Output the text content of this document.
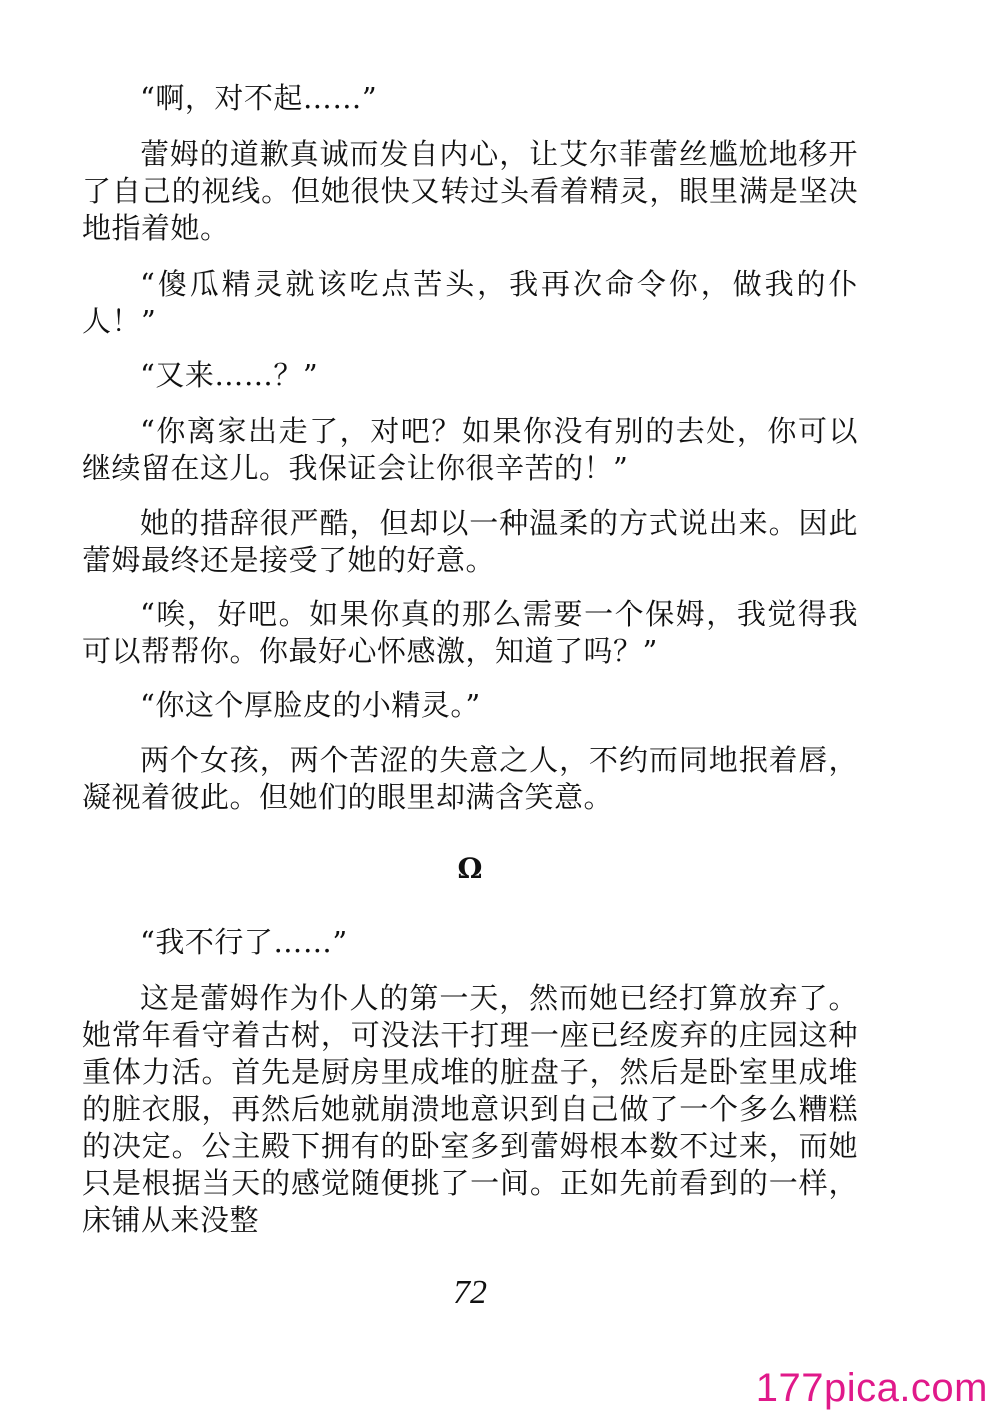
“啊，对不起……”

蕾姆的道歉真诚而发自内心，让艾尔菲蕾丝尴尬地移开了自己的视线。但她很快又转过头看着精灵，眼里满是坚决地指着她。

“傻瓜精灵就该吃点苦头，我再次命令你，做我的仆人！”

“又来……？”

“你离家出走了，对吧？如果你没有别的去处，你可以继续留在这儿。我保证会让你很辛苦的！”

她的措辞很严酷，但却以一种温柔的方式说出来。因此蕾姆最终还是接受了她的好意。

“唉，好吧。如果你真的那么需要一个保姆，我觉得我可以帮帮你。你最好心怀感激，知道了吗？”

“你这个厚脸皮的小精灵。”

两个女孩，两个苦涩的失意之人，不约而同地抿着唇，凝视着彼此。但她们的眼里却满含笑意。

Ω

“我不行了……”

这是蕾姆作为仆人的第一天，然而她已经打算放弃了。她常年看守着古树，可没法干打理一座已经废弃的庄园这种重体力活。首先是厨房里成堆的脏盘子，然后是卧室里成堆的脏衣服，再然后她就崩溃地意识到自己做了一个多么糟糕的决定。公主殿下拥有的卧室多到蕾姆根本数不过来，而她只是根据当天的感觉随便挑了一间。正如先前看到的一样，床铺从来没整

72
177pica.com
